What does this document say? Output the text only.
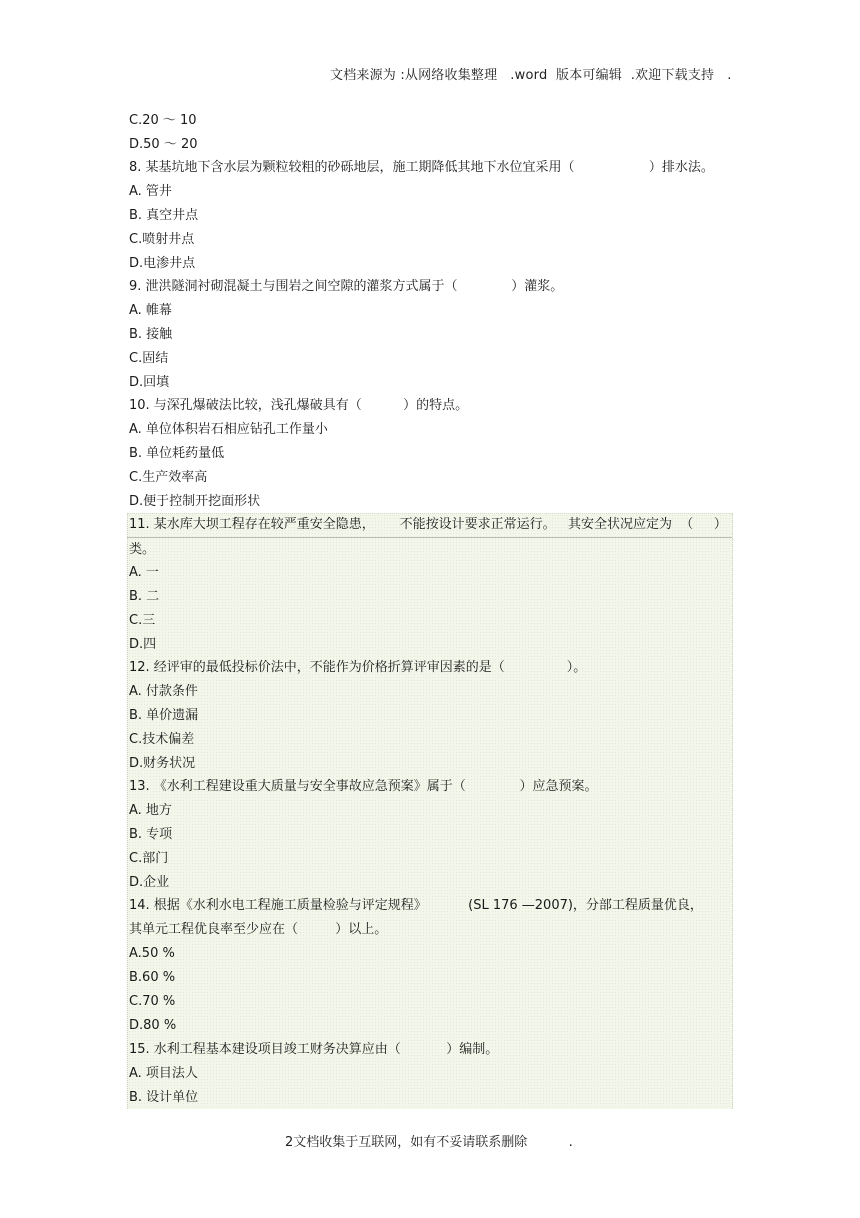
文档来源为 :从网络收集整理   .word  版本可编辑  .欢迎下载支持   .
C.20 ～ 10
D.50 ～ 20
8. 某基坑地下含水层为颗粒较粗的砂砾地层，施工期降低其地下水位宜采用（                  ）排水法。
A. 管井
B. 真空井点
C.喷射井点
D.电渗井点
9. 泄洪隧洞衬砌混凝土与围岩之间空隙的灌浆方式属于（             ）灌浆。
A. 帷幕
B. 接触
C.固结
D.回填
10. 与深孔爆破法比较，浅孔爆破具有（          ）的特点。
A. 单位体积岩石相应钻孔工作量小
B. 单位耗药量低
C.生产效率高
D.便于控制开挖面形状
11. 某水库大坝工程存在较严重安全隐患，      不能按设计要求正常运行。   其安全状况应定为  （     ）
类。
A. 一
B. 二
C.三
D.四
12. 经评审的最低投标价法中，不能作为价格折算评审因素的是（               ）。
A. 付款条件
B. 单价遗漏
C.技术偏差
D.财务状况
13. 《水利工程建设重大质量与安全事故应急预案》属于（             ）应急预案。
A. 地方
B. 专项
C.部门
D.企业
14. 根据《水利水电工程施工质量检验与评定规程》          (SL 176 —2007)，分部工程质量优良，
其单元工程优良率至少应在（         ）以上。
A.50 %
B.60 %
C.70 %
D.80 %
15. 水利工程基本建设项目竣工财务决算应由（           ）编制。
A. 项目法人
B. 设计单位
2文档收集于互联网，如有不妥请联系删除          .
